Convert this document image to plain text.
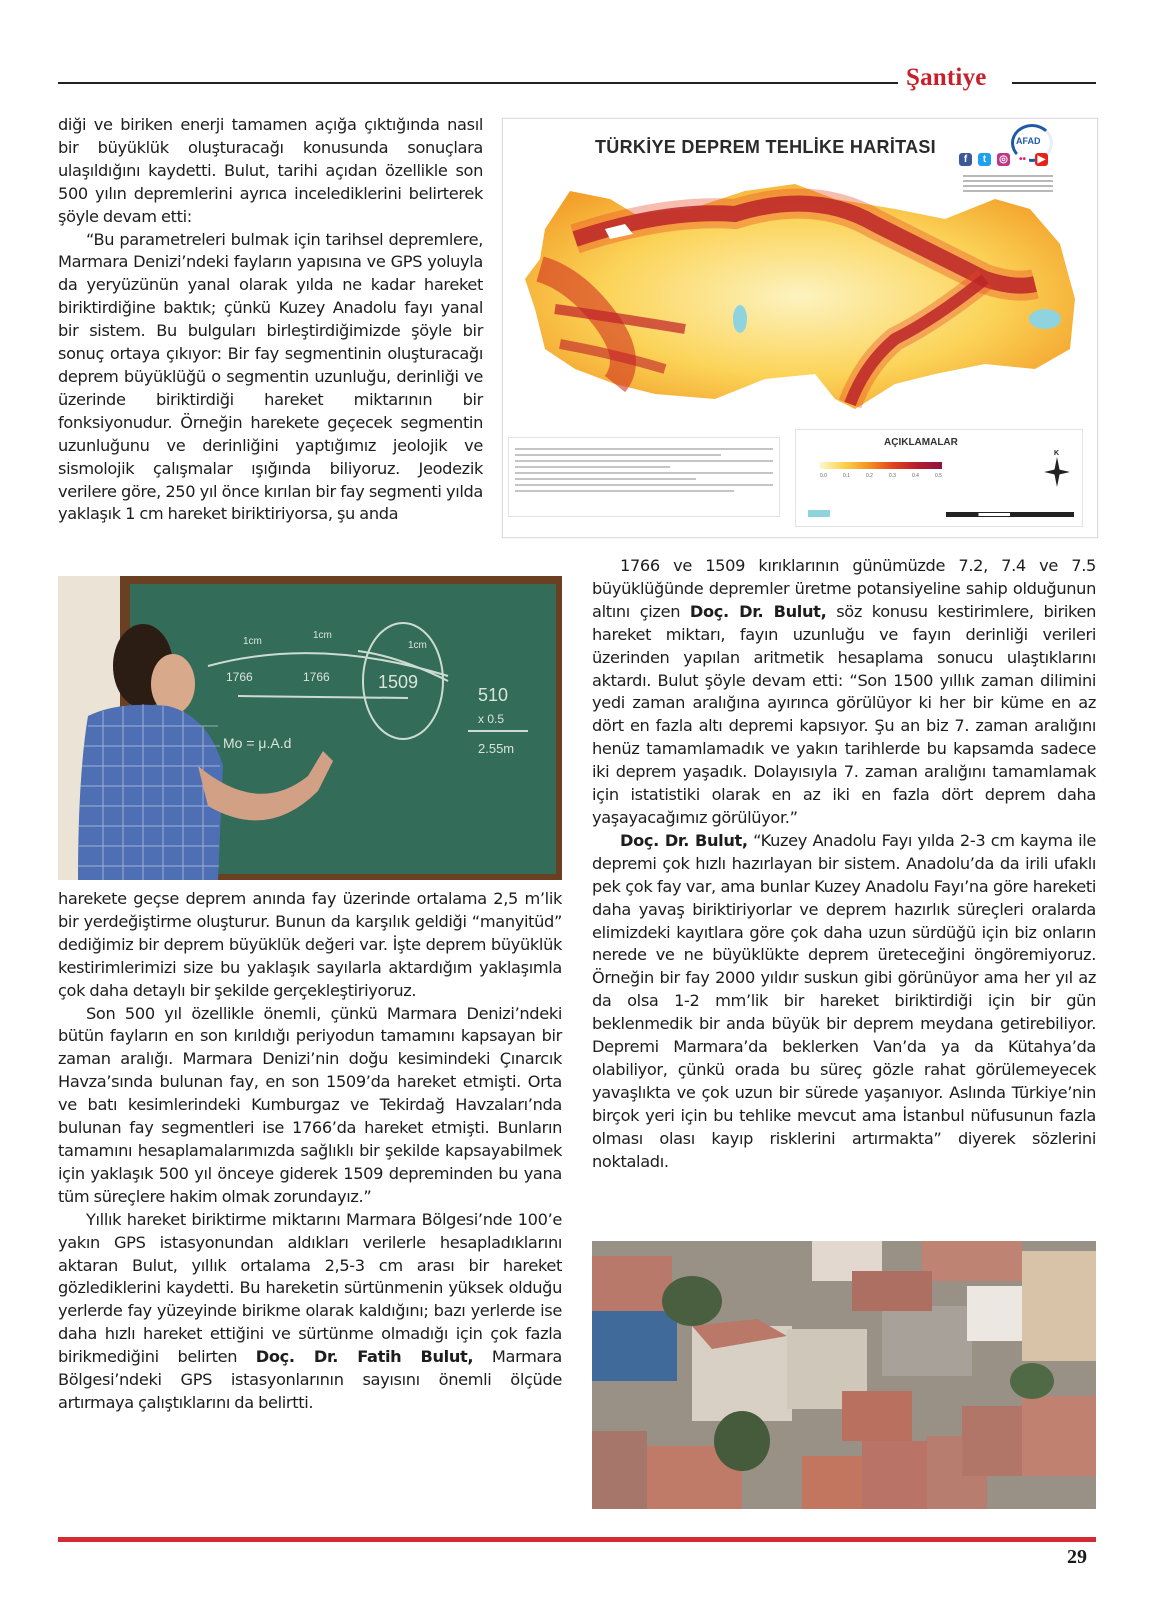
Şantiye

diği ve biriken enerji tamamen açığa çıktığında nasıl bir büyüklük oluşturacağı konusunda sonuçlara ulaşıldığını kaydetti. Bulut, tarihi açıdan özellikle son 500 yılın depremlerini ayrıca incelediklerini belirterek şöyle devam etti:

“Bu parametreleri bulmak için tarihsel depremlere, Marmara Denizi’ndeki fayların yapısına ve GPS yoluyla da yeryüzünün yanal olarak yılda ne kadar hareket biriktirdiğine baktık; çünkü Kuzey Anadolu fayı yanal bir sistem. Bu bulguları birleştirdiğimizde şöyle bir sonuç ortaya çıkıyor: Bir fay segmentinin oluşturacağı deprem büyüklüğü o segmentin uzunluğu, derinliği ve üzerinde biriktirdiği hareket miktarının bir fonksiyonudur. Örneğin harekete geçecek segmentin uzunluğunu ve derinliğini yaptığımız jeolojik ve sismolojik çalışmalar ışığında biliyoruz. Jeodezik verilere göre, 250 yıl önce kırılan bir fay segmenti yılda yaklaşık 1 cm hareket biriktiriyorsa, şu anda

TÜRKİYE DEPREM TEHLİKE HARİTASI	AFAD
f	t	◎ ••	▶
AÇIKLAMALAR
0.0	0.1	0.2	0.3	0.4	0.5
K
1cm
1cm
1cm
1766	1766	1509
510
x 0.5
2.55m
Mo = μ.A.d

harekete geçse deprem anında fay üzerinde ortalama 2,5 m’lik bir yerdeğiştirme oluşturur. Bunun da karşılık geldiği “manyitüd” dediğimiz bir deprem büyüklük değeri var. İşte deprem büyüklük kestirimlerimizi size bu yaklaşık sayılarla aktardığım yaklaşımla çok daha detaylı bir şekilde gerçekleştiriyoruz.

Son 500 yıl özellikle önemli, çünkü Marmara Denizi’ndeki bütün fayların en son kırıldığı periyodun tamamını kapsayan bir zaman aralığı. Marmara Denizi’nin doğu kesimindeki Çınarcık Havza’sında bulunan fay, en son 1509’da hareket etmişti. Orta ve batı kesimlerindeki Kumburgaz ve Tekirdağ Havzaları’nda bulunan fay segmentleri ise 1766’da hareket etmişti. Bunların tamamını hesaplamalarımızda sağlıklı bir şekilde kapsayabilmek için yaklaşık 500 yıl önceye giderek 1509 depreminden bu yana tüm süreçlere hakim olmak zorundayız.”

Yıllık hareket biriktirme miktarını Marmara Bölgesi’nde 100’e yakın GPS istasyonundan aldıkları verilerle hesapladıklarını aktaran Bulut, yıllık ortalama 2,5-3 cm arası bir hareket gözlediklerini kaydetti. Bu hareketin sürtünmenin yüksek olduğu yerlerde fay yüzeyinde birikme olarak kaldığını; bazı yerlerde ise daha hızlı hareket ettiğini ve sürtünme olmadığı için çok fazla birikmediğini belirten Doç. Dr. Fatih Bulut, Marmara Bölgesi’ndeki GPS istasyonlarının sayısını önemli ölçüde artırmaya çalıştıklarını da belirtti.

1766 ve 1509 kırıklarının günümüzde 7.2, 7.4 ve 7.5 büyüklüğünde depremler üretme potansiyeline sahip olduğunun altını çizen Doç. Dr. Bulut, söz konusu kestirimlere, biriken hareket miktarı, fayın uzunluğu ve fayın derinliği verileri üzerinden yapılan aritmetik hesaplama sonucu ulaştıklarını aktardı. Bulut şöyle devam etti: “Son 1500 yıllık zaman dilimini yedi zaman aralığına ayırınca görülüyor ki her bir küme en az dört en fazla altı depremi kapsıyor. Şu an biz 7. zaman aralığını henüz tamamlamadık ve yakın tarihlerde bu kapsamda sadece iki deprem yaşadık. Dolayısıyla 7. zaman aralığını tamamlamak için istatistiki olarak en az iki en fazla dört deprem daha yaşayacağımız görülüyor.”

Doç. Dr. Bulut, “Kuzey Anadolu Fayı yılda 2-3 cm kayma ile depremi çok hızlı hazırlayan bir sistem. Anadolu’da da irili ufaklı pek çok fay var, ama bunlar Kuzey Anadolu Fayı’na göre hareketi daha yavaş biriktiriyorlar ve deprem hazırlık süreçleri oralarda elimizdeki kayıtlara göre çok daha uzun sürdüğü için biz onların nerede ve ne büyüklükte deprem üreteceğini öngöremiyoruz. Örneğin bir fay 2000 yıldır suskun gibi görünüyor ama her yıl az da olsa 1-2 mm’lik bir hareket biriktirdiği için bir gün beklenmedik bir anda büyük bir deprem meydana getirebiliyor. Depremi Marmara’da beklerken Van’da ya da Kütahya’da olabiliyor, çünkü orada bu süreç gözle rahat görülemeyecek yavaşlıkta ve çok uzun bir sürede yaşanıyor. Aslında Türkiye’nin birçok yeri için bu tehlike mevcut ama İstanbul nüfusunun fazla olması olası kayıp risklerini artırmakta” diyerek sözlerini noktaladı.

29
